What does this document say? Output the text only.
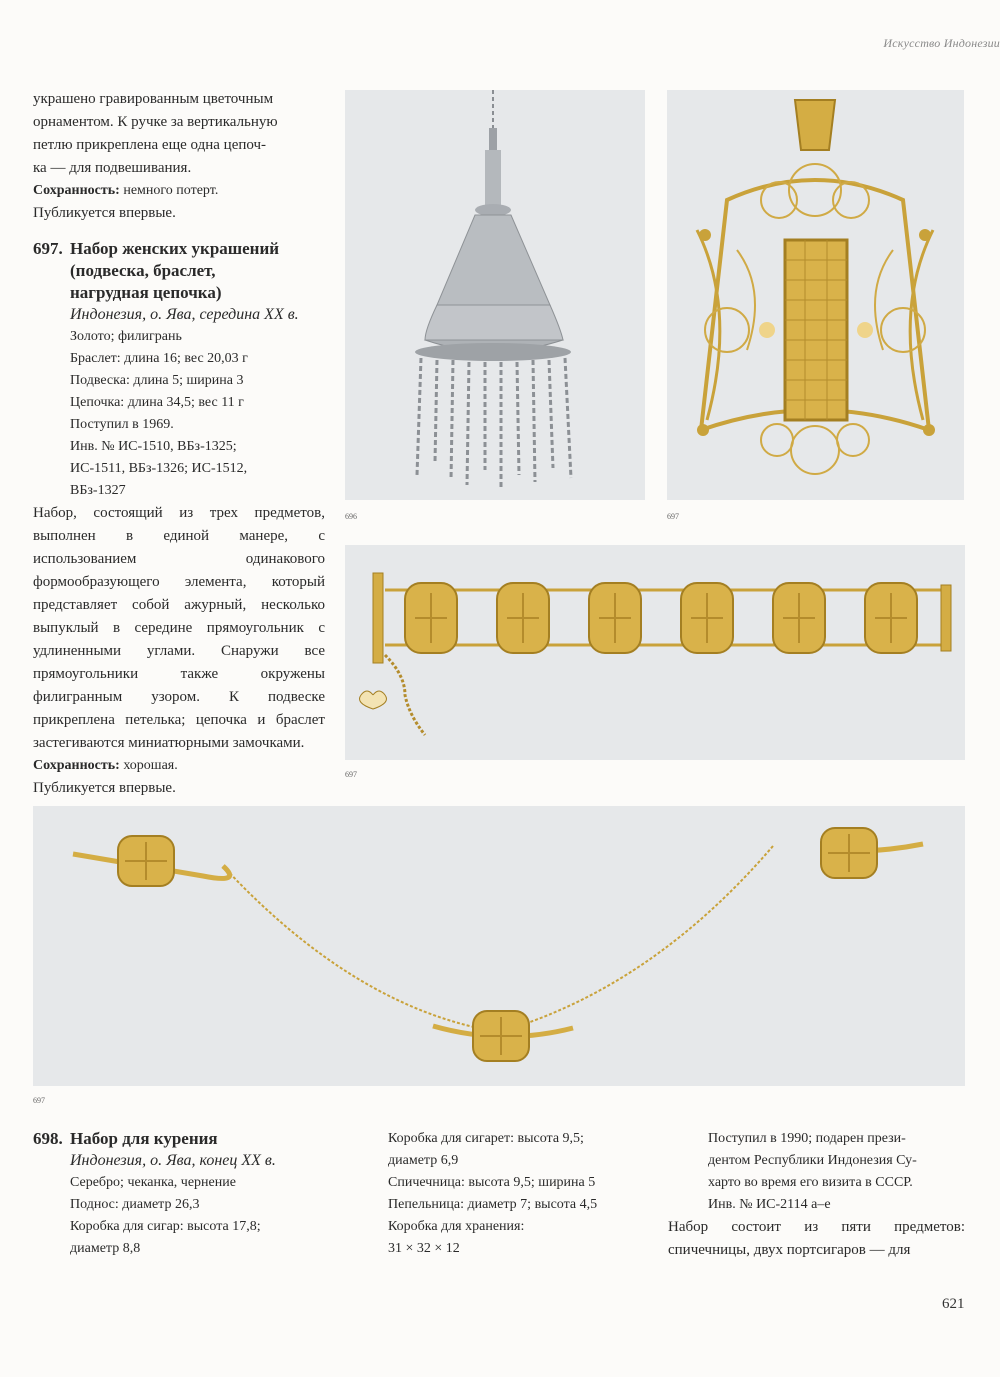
Искусство Индонезии
украшено гравированным цветочным
орнаментом. К ручке за вертикальную
петлю прикреплена еще одна цепоч-
ка — для подвешивания.
Сохранность: немного потерт.
Публикуется впервые.
697. Набор женских украшений
(подвеска, браслет,
нагрудная цепочка)
Индонезия, о. Ява, середина XX в.
Золото; филигрань
Браслет: длина 16; вес 20,03 г
Подвеска: длина 5; ширина 3
Цепочка: длина 34,5; вес 11 г
Поступил в 1969.
Инв. № ИС-1510, ВБз-1325;
ИС-1511, ВБз-1326; ИС-1512,
ВБз-1327

Набор, состоящий из трех предметов, выполнен в единой манере, с использованием одинакового формообразующего элемента, который представляет собой ажурный, несколько выпуклый в середине прямоугольник с удлиненными углами. Снаружи все прямоугольники также окружены филигранным узором. К подвеске прикреплена петелька; цепочка и браслет застегиваются миниатюрными замочками.

Сохранность: хорошая.
Публикуется впервые.
696	697
697
697
698. Набор для курения
Индонезия, о. Ява, конец XX в.
Серебро; чеканка, чернение
Поднос: диаметр 26,3
Коробка для сигар: высота 17,8;
диаметр 8,8
Коробка для сигарет: высота 9,5;
диаметр 6,9
Спичечница: высота 9,5; ширина 5
Пепельница: диаметр 7; высота 4,5
Коробка для хранения:
31 × 32 × 12
Поступил в 1990; подарен прези-
дентом Республики Индонезия Су-
харто во время его визита в СССР.
Инв. № ИС-2114 а–е
Набор состоит из пяти предметов: спичечницы, двух портсигаров — для
621
